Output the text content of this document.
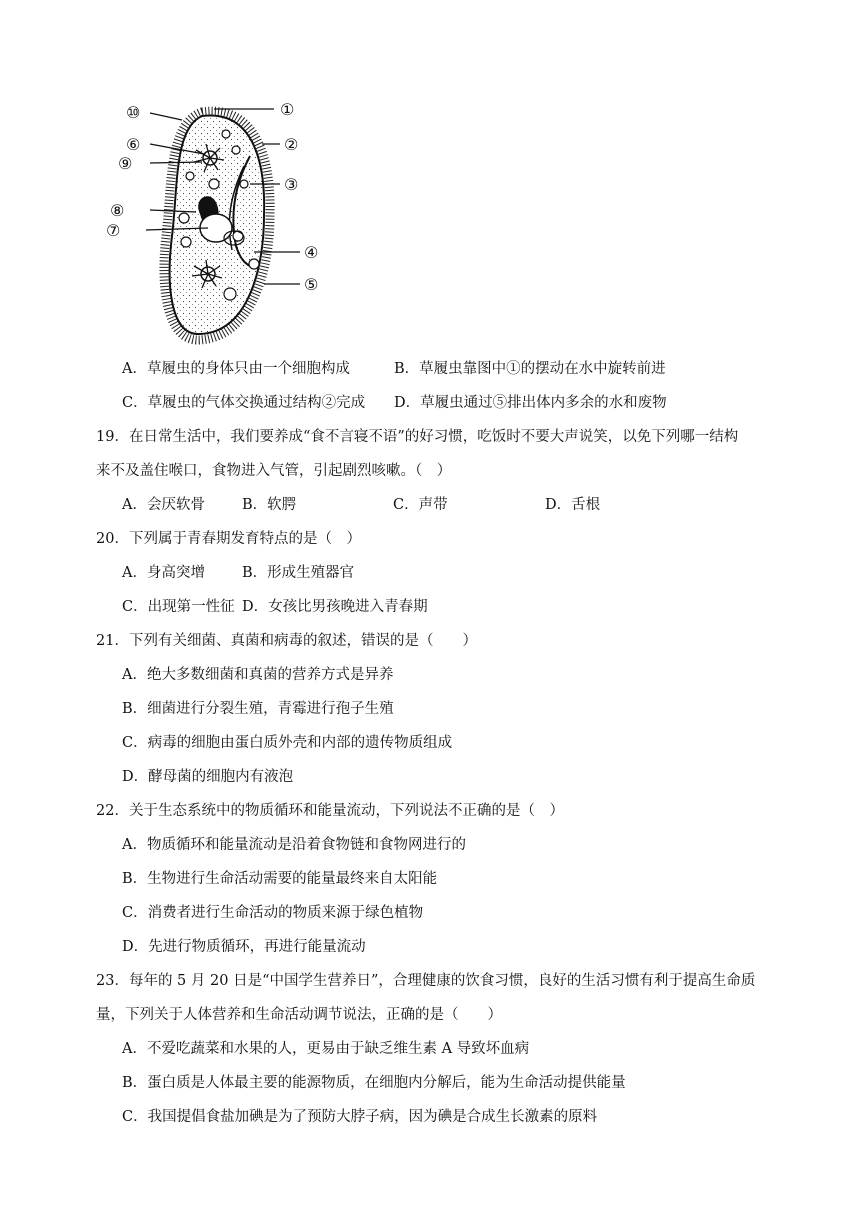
①
②
③
④
⑤
⑥
⑦
⑧
⑨
⑩
A．草履虫的身体只由一个细胞构成	B．草履虫靠图中①的摆动在水中旋转前进
C．草履虫的气体交换通过结构②完成 D．草履虫通过⑤排出体内多余的水和废物
19．在日常生活中，我们要养成“食不言寝不语”的好习惯，吃饭时不要大声说笑，以免下列哪一结构
来不及盖住喉口，食物进入气管，引起剧烈咳嗽。（　）
A．会厌软骨	B．软腭	C．声带	D．舌根
20．下列属于青春期发育特点的是（　）
A．身高突增	B．形成生殖器官
C．出现第一性征 D．女孩比男孩晚进入青春期
21．下列有关细菌、真菌和病毒的叙述，错误的是（　　）
A．绝大多数细菌和真菌的营养方式是异养
B．细菌进行分裂生殖，青霉进行孢子生殖
C．病毒的细胞由蛋白质外壳和内部的遗传物质组成
D．酵母菌的细胞内有液泡
22．关于生态系统中的物质循环和能量流动，下列说法不正确的是（　）
A．物质循环和能量流动是沿着食物链和食物网进行的
B．生物进行生命活动需要的能量最终来自太阳能
C．消费者进行生命活动的物质来源于绿色植物
D．先进行物质循环，再进行能量流动
23．每年的 5 月 20 日是“中国学生营养日”，合理健康的饮食习惯，良好的生活习惯有利于提高生命质
量，下列关于人体营养和生命活动调节说法，正确的是（　　）
A．不爱吃蔬菜和水果的人，更易由于缺乏维生素 A 导致坏血病
B．蛋白质是人体最主要的能源物质，在细胞内分解后，能为生命活动提供能量
C．我国提倡食盐加碘是为了预防大脖子病，因为碘是合成生长激素的原料
